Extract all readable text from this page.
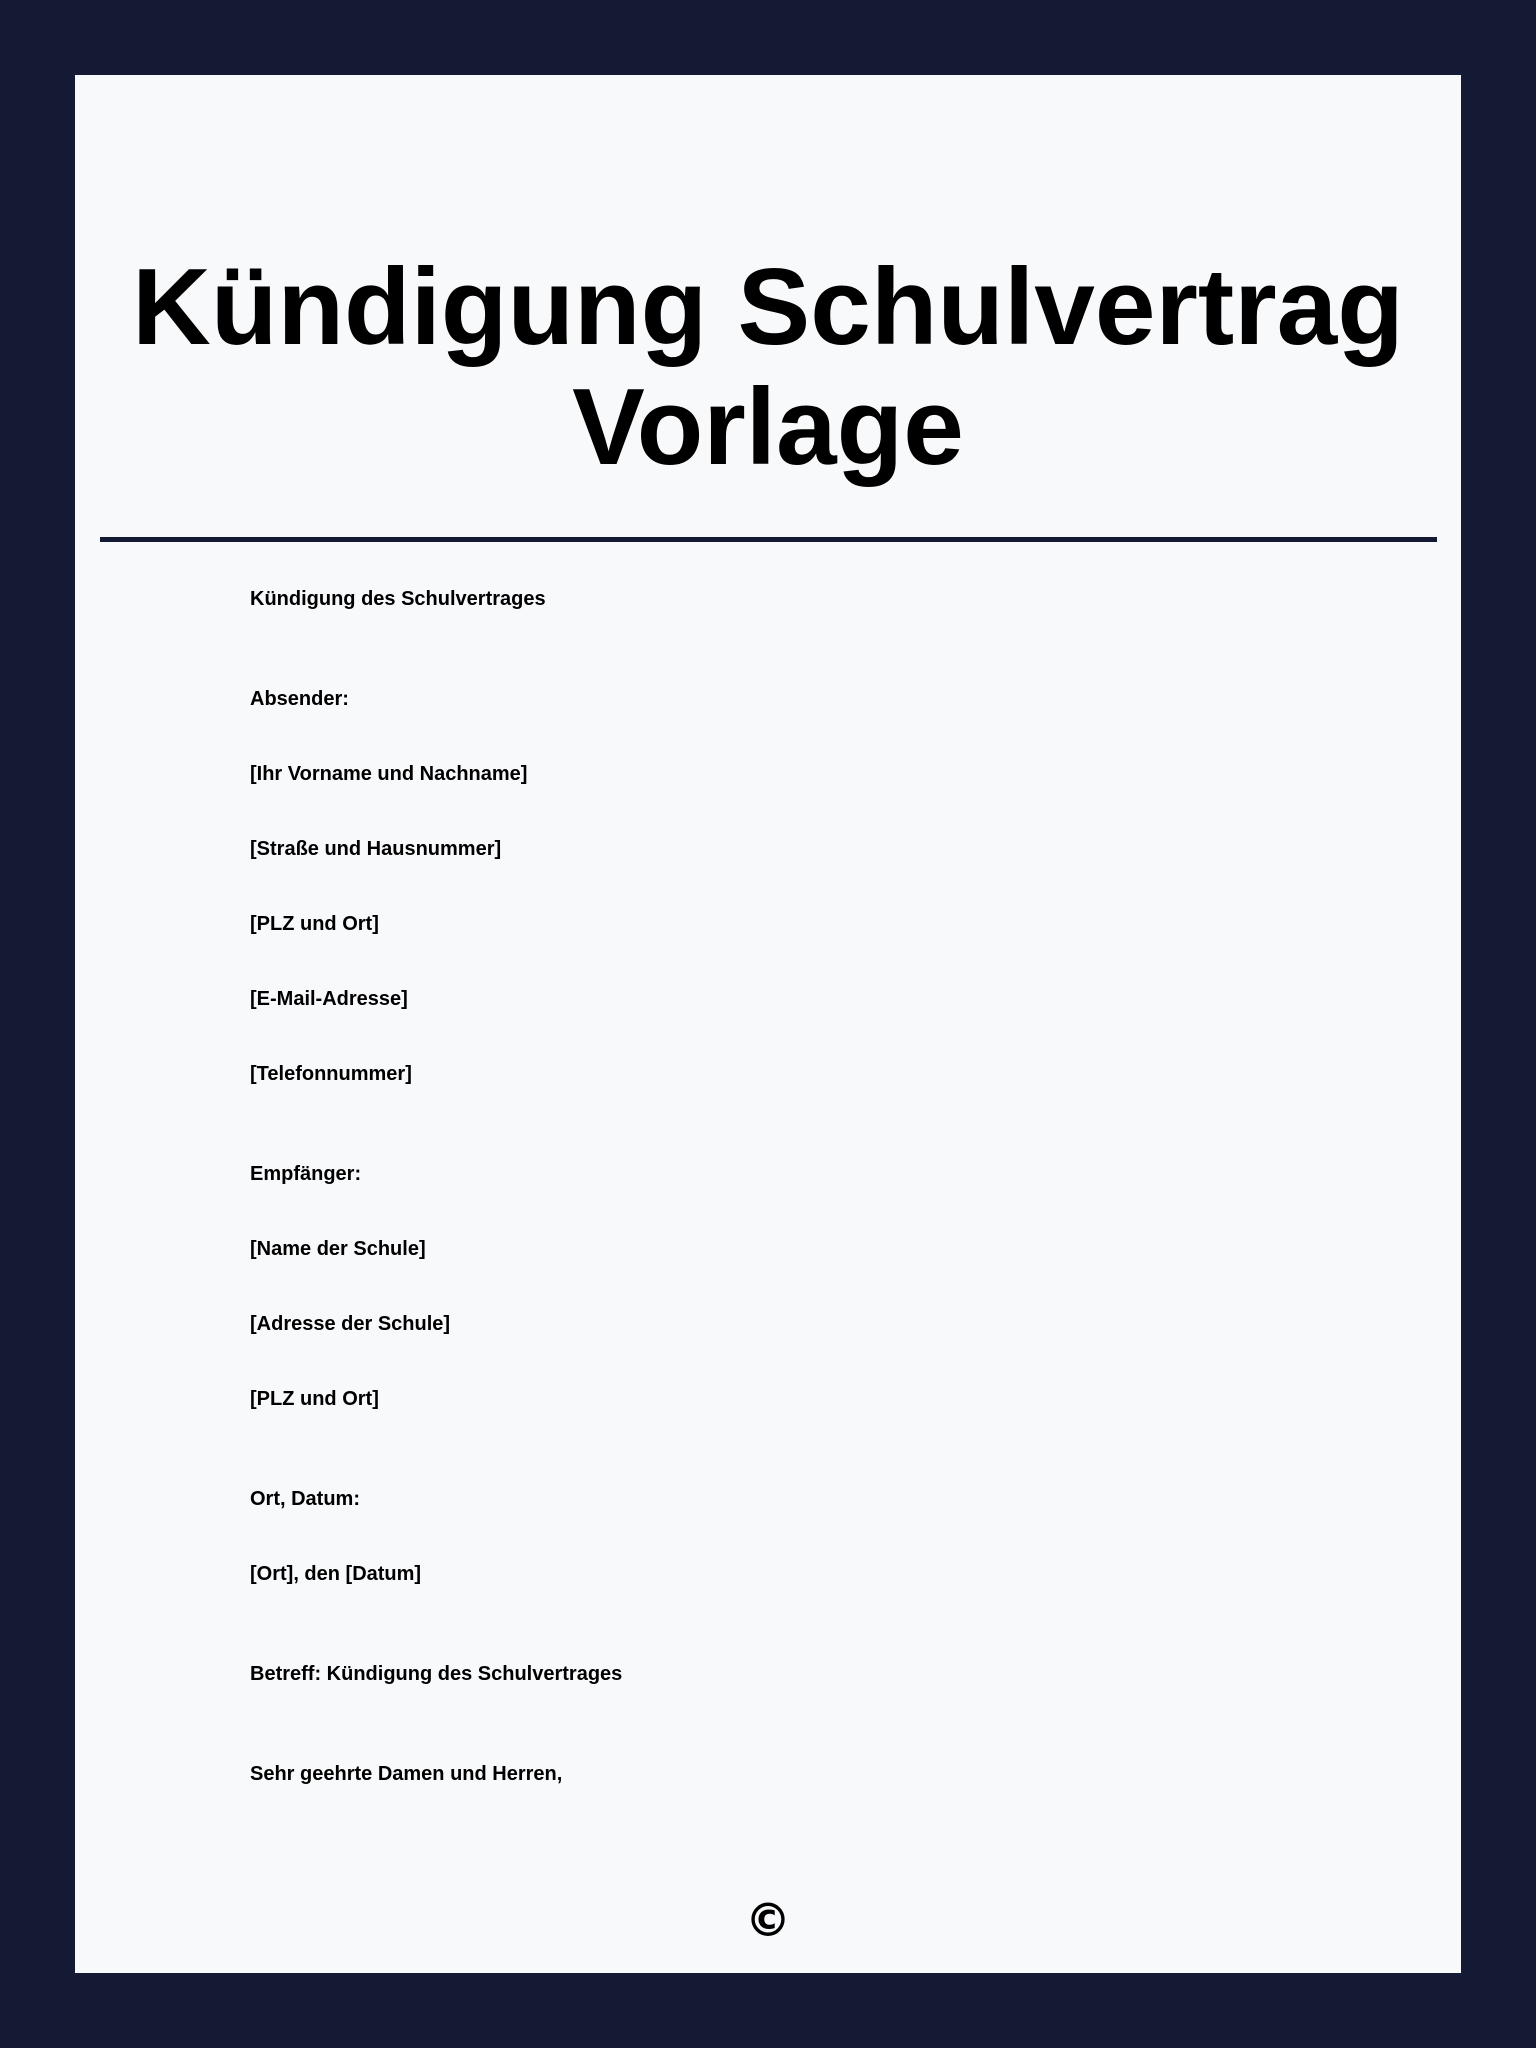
Kündigung Schulvertrag
Vorlage

Kündigung des Schulvertrages

Absender:

[Ihr Vorname und Nachname]

[Straße und Hausnummer]

[PLZ und Ort]

[E-Mail-Adresse]

[Telefonnummer]

Empfänger:

[Name der Schule]

[Adresse der Schule]

[PLZ und Ort]

Ort, Datum:

[Ort], den [Datum]

Betreff: Kündigung des Schulvertrages

Sehr geehrte Damen und Herren,

©
